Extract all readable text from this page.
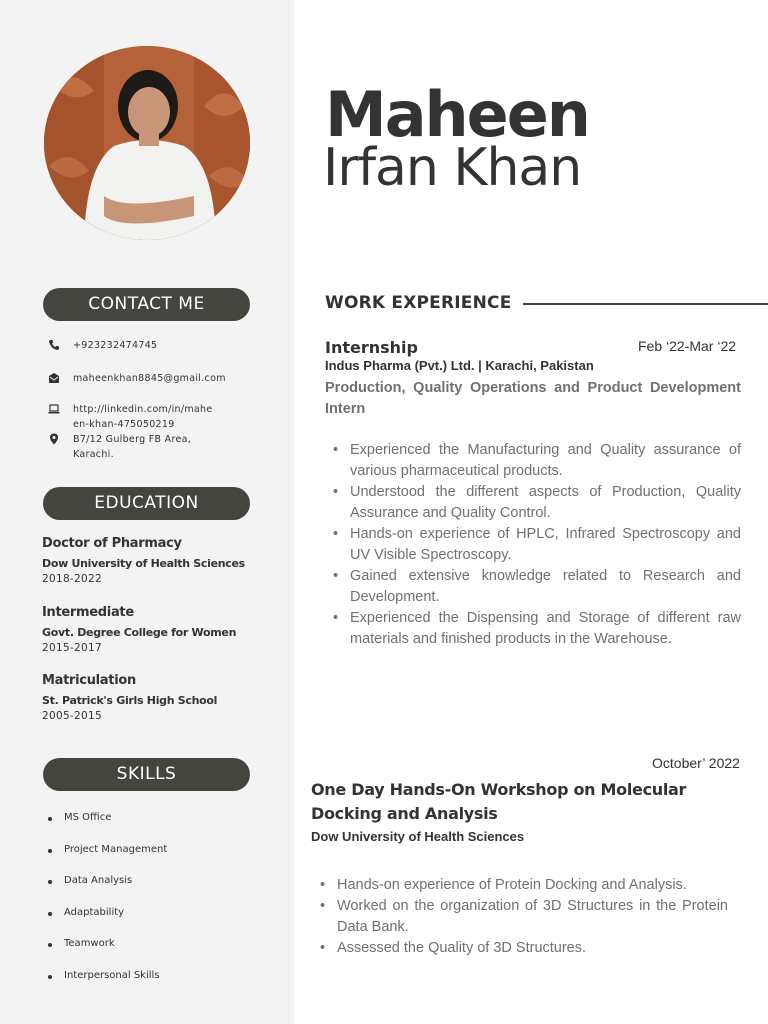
CONTACT ME
+923232474745
maheenkhan8845@gmail.com
http://linkedin.com/in/mahe
en-khan-475050219
B7/12 Gulberg FB Area,
Karachi.
EDUCATION
Doctor of Pharmacy
Dow University of Health Sciences
2018-2022
Intermediate
Govt. Degree College for Women
2015-2017
Matriculation
St. Patrick's Girls High School
2005-2015
SKILLS
MS Office
Project Management
Data Analysis
Adaptability
Teamwork
Interpersonal Skills
Maheen
Irfan Khan
WORK EXPERIENCE
Internship	Feb ‘22-Mar ‘22
Indus Pharma (Pvt.) Ltd. | Karachi, Pakistan
Production, Quality Operations and Product Development Intern
• Experienced the Manufacturing and Quality assurance of various pharmaceutical products.
• Understood the different aspects of Production, Quality Assurance and Quality Control.
• Hands-on experience of HPLC, Infrared Spectroscopy and UV Visible Spectroscopy.
• Gained extensive knowledge related to Research and Development.
• Experienced the Dispensing and Storage of different raw materials and finished products in the Warehouse.
October’ 2022
One Day Hands-On Workshop on Molecular Docking and Analysis
Dow University of Health Sciences
• Hands-on experience of Protein Docking and Analysis.
• Worked on the organization of 3D Structures in the Protein Data Bank.
• Assessed the Quality of 3D Structures.
